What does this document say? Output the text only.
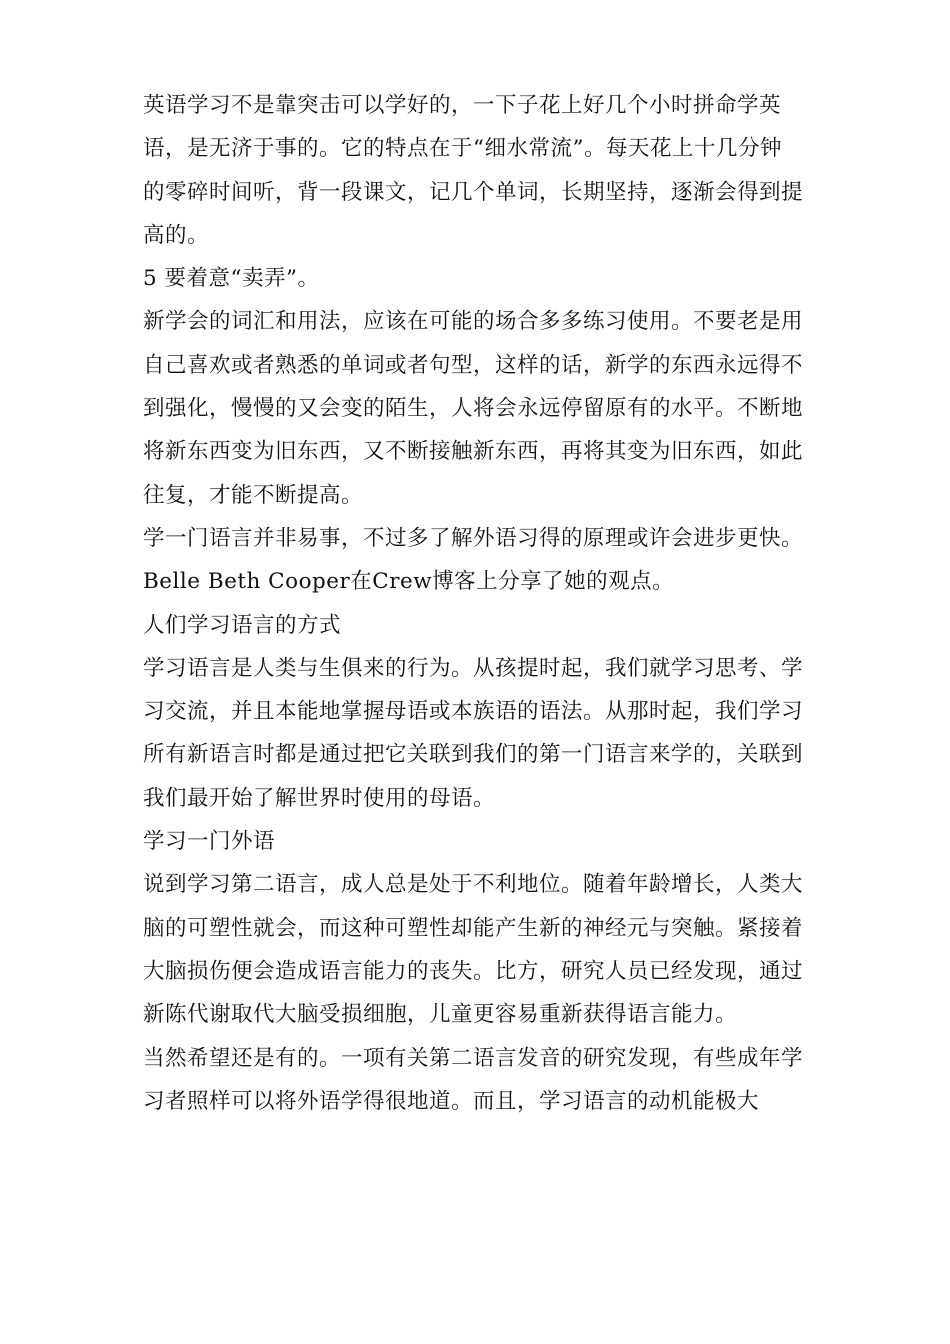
英语学习不是靠突击可以学好的，一下子花上好几个小时拼命学英语，是无济于事的。它的特点在于“细水常流”。每天花上十几分钟的零碎时间听，背一段课文，记几个单词，长期坚持，逐渐会得到提高的。

5 要着意“卖弄”。

新学会的词汇和用法，应该在可能的场合多多练习使用。不要老是用自己喜欢或者熟悉的单词或者句型，这样的话，新学的东西永远得不到强化，慢慢的又会变的陌生，人将会永远停留原有的水平。不断地将新东西变为旧东西，又不断接触新东西，再将其变为旧东西，如此往复，才能不断提高。

学一门语言并非易事，不过多了解外语习得的原理或许会进步更快。Belle Beth Cooper在Crew博客上分享了她的观点。

人们学习语言的方式

学习语言是人类与生俱来的行为。从孩提时起，我们就学习思考、学习交流，并且本能地掌握母语或本族语的语法。从那时起，我们学习所有新语言时都是通过把它关联到我们的第一门语言来学的，关联到我们最开始了解世界时使用的母语。

学习一门外语

说到学习第二语言，成人总是处于不利地位。随着年龄增长，人类大脑的可塑性就会，而这种可塑性却能产生新的神经元与突触。紧接着大脑损伤便会造成语言能力的丧失。比方，研究人员已经发现，通过新陈代谢取代大脑受损细胞，儿童更容易重新获得语言能力。

当然希望还是有的。一项有关第二语言发音的研究发现，有些成年学习者照样可以将外语学得很地道。而且，学习语言的动机能极大
